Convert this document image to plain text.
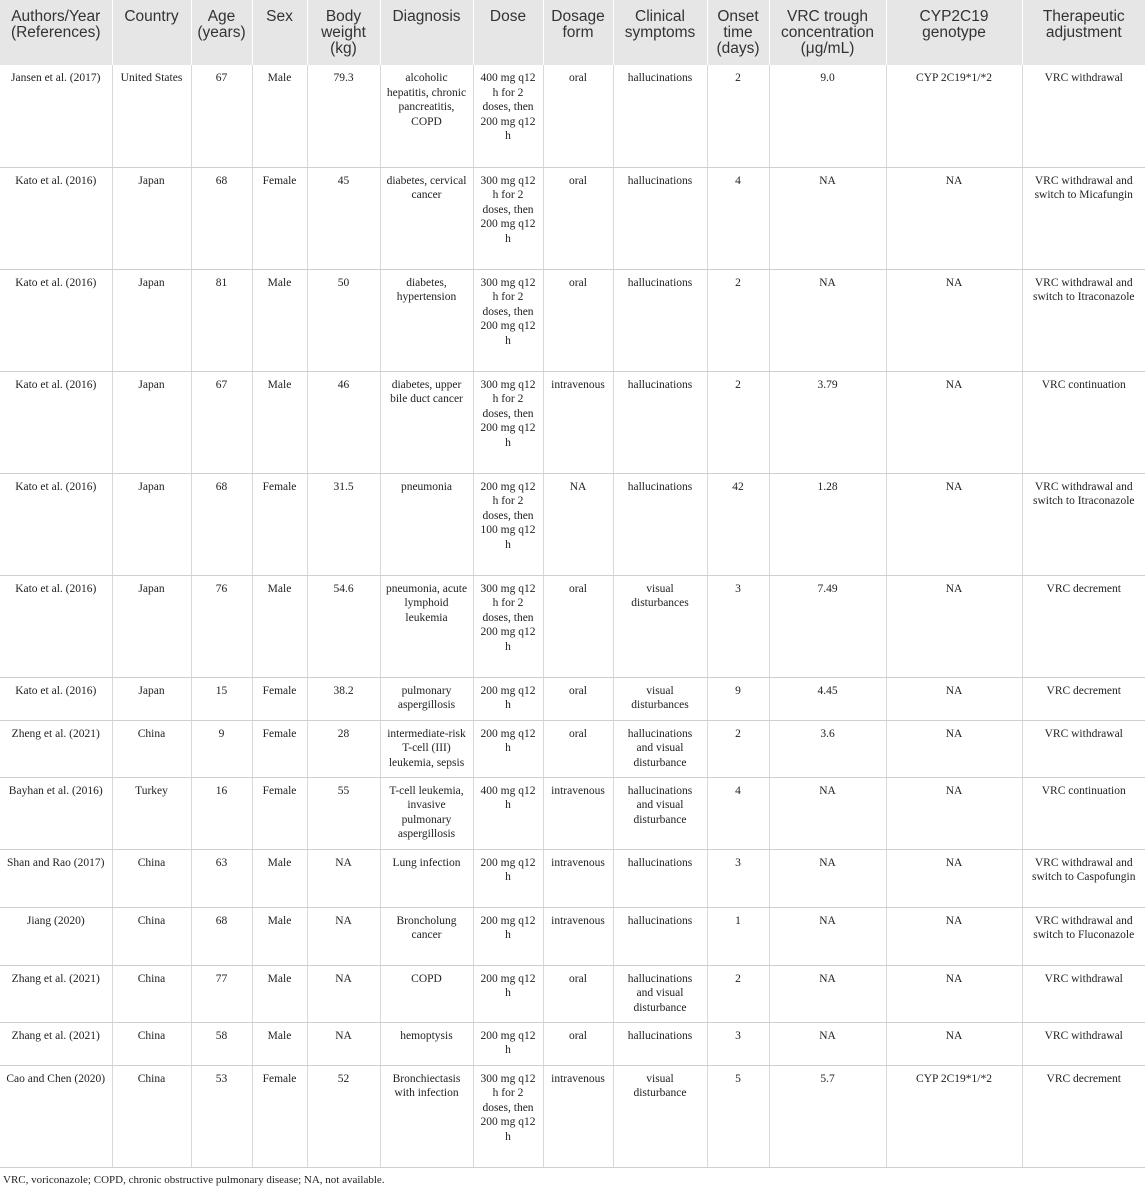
Authors/Year (References)	Country	Age (years)	Sex	Body weight (kg)	Diagnosis	Dose	Dosage form	Clinical symptoms	Onset time (days)	VRC trough concentration (μg/mL)	CYP2C19 genotype	Therapeutic adjustment
Jansen et al. (2017)	United States	67	Male	79.3	alcoholic hepatitis, chronic pancreatitis, COPD	400 mg q12 h for 2 doses, then 200 mg q12 h	oral	hallucinations	2	9.0	CYP 2C19*1/*2	VRC withdrawal
Kato et al. (2016)	Japan	68	Female	45	diabetes, cervical cancer	300 mg q12 h for 2 doses, then 200 mg q12 h	oral	hallucinations	4	NA	NA	VRC withdrawal and switch to Micafungin
Kato et al. (2016)	Japan	81	Male	50	diabetes, hypertension	300 mg q12 h for 2 doses, then 200 mg q12 h	oral	hallucinations	2	NA	NA	VRC withdrawal and switch to Itraconazole
Kato et al. (2016)	Japan	67	Male	46	diabetes, upper bile duct cancer	300 mg q12 h for 2 doses, then 200 mg q12 h	intravenous	hallucinations	2	3.79	NA	VRC continuation
Kato et al. (2016)	Japan	68	Female	31.5	pneumonia	200 mg q12 h for 2 doses, then 100 mg q12 h	NA	hallucinations	42	1.28	NA	VRC withdrawal and switch to Itraconazole
Kato et al. (2016)	Japan	76	Male	54.6	pneumonia, acute lymphoid leukemia	300 mg q12 h for 2 doses, then 200 mg q12 h	oral	visual disturbances	3	7.49	NA	VRC decrement
Kato et al. (2016)	Japan	15	Female	38.2	pulmonary aspergillosis	200 mg q12 h	oral	visual disturbances	9	4.45	NA	VRC decrement
Zheng et al. (2021)	China	9	Female	28	intermediate-risk T-cell (III) leukemia, sepsis	200 mg q12 h	oral	hallucinations and visual disturbance	2	3.6	NA	VRC withdrawal
Bayhan et al. (2016)	Turkey	16	Female	55	T-cell leukemia, invasive pulmonary aspergillosis	400 mg q12 h	intravenous	hallucinations and visual disturbance	4	NA	NA	VRC continuation
Shan and Rao (2017)	China	63	Male	NA	Lung infection	200 mg q12 h	intravenous	hallucinations	3	NA	NA	VRC withdrawal and switch to Caspofungin
Jiang (2020)	China	68	Male	NA	Broncholung cancer	200 mg q12 h	intravenous	hallucinations	1	NA	NA	VRC withdrawal and switch to Fluconazole
Zhang et al. (2021)	China	77	Male	NA	COPD	200 mg q12 h	oral	hallucinations and visual disturbance	2	NA	NA	VRC withdrawal
Zhang et al. (2021)	China	58	Male	NA	hemoptysis	200 mg q12 h	oral	hallucinations	3	NA	NA	VRC withdrawal
Cao and Chen (2020)	China	53	Female	52	Bronchiectasis with infection	300 mg q12 h for 2 doses, then 200 mg q12 h	intravenous	visual disturbance	5	5.7	CYP 2C19*1/*2	VRC decrement
VRC, voriconazole; COPD, chronic obstructive pulmonary disease; NA, not available.
